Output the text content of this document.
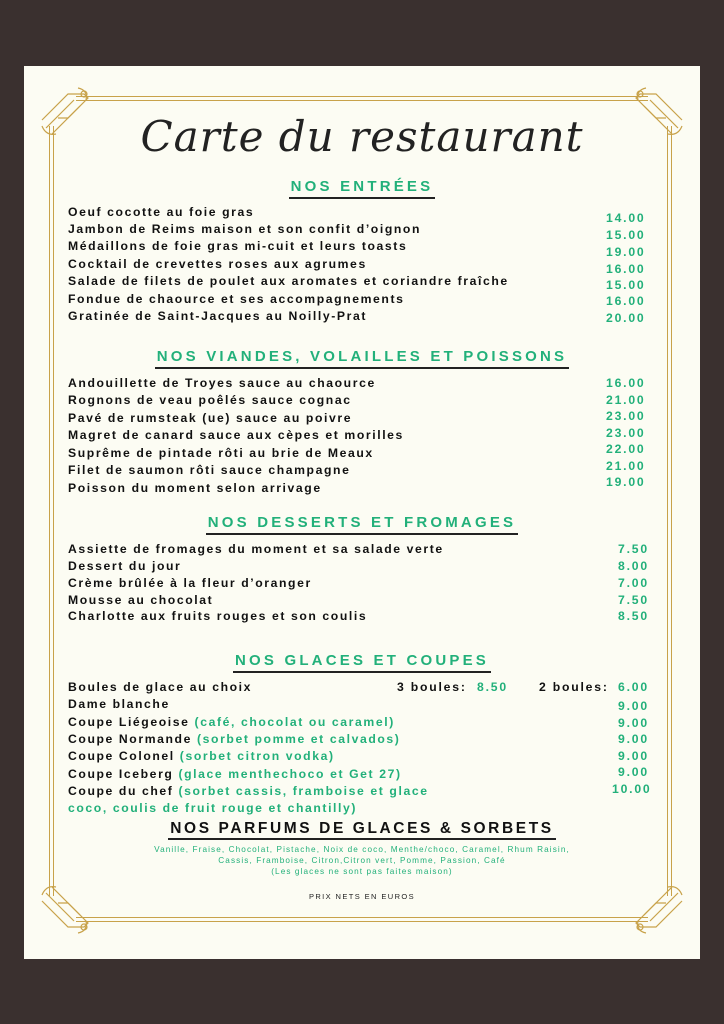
Carte du restaurant
NOS ENTRÉES
Oeuf cocotte au foie gras
Jambon de Reims maison et son confit d’oignon
Médaillons de foie gras mi-cuit et leurs toasts
Cocktail de crevettes roses aux agrumes
Salade de filets de poulet aux aromates et coriandre fraîche
Fondue de chaource et ses accompagnements
Gratinée de Saint-Jacques au Noilly-Prat
14.00
15.00
19.00
16.00
15.00
16.00
20.00
NOS VIANDES, VOLAILLES ET POISSONS
Andouillette de Troyes sauce au chaource
Rognons de veau poêlés sauce cognac
Pavé de rumsteak (ue) sauce au poivre
Magret de canard sauce aux cèpes et morilles
Suprême de pintade rôti au brie de Meaux
Filet de saumon rôti sauce champagne
Poisson du moment selon arrivage
16.00
21.00
23.00
23.00
22.00
21.00
19.00
NOS DESSERTS ET FROMAGES
Assiette de fromages du moment et sa salade verte
Dessert du jour
Crème brûlée à la fleur d’oranger
Mousse au chocolat
Charlotte aux fruits rouges et son coulis
7.50
8.00
7.00
7.50
8.50
NOS GLACES ET COUPES
Boules de glace au choix	3 boules: 8.50	2 boules: 6.00
Dame blanche
Coupe Liégeoise (café, chocolat ou caramel)
Coupe Normande (sorbet pomme et calvados)
Coupe Colonel (sorbet citron vodka)
Coupe Iceberg (glace menthechoco et Get 27)
Coupe du chef (sorbet cassis, framboise et glace
coco, coulis de fruit rouge et chantilly)
9.00
9.00
9.00
9.00
9.00
10.00
NOS PARFUMS DE GLACES & SORBETS
Vanille, Fraise, Chocolat, Pistache, Noix de coco, Menthe/choco, Caramel, Rhum Raisin,
Cassis, Framboise, Citron,Citron vert, Pomme, Passion, Café
(Les glaces ne sont pas faites maison)
PRIX NETS EN EUROS
